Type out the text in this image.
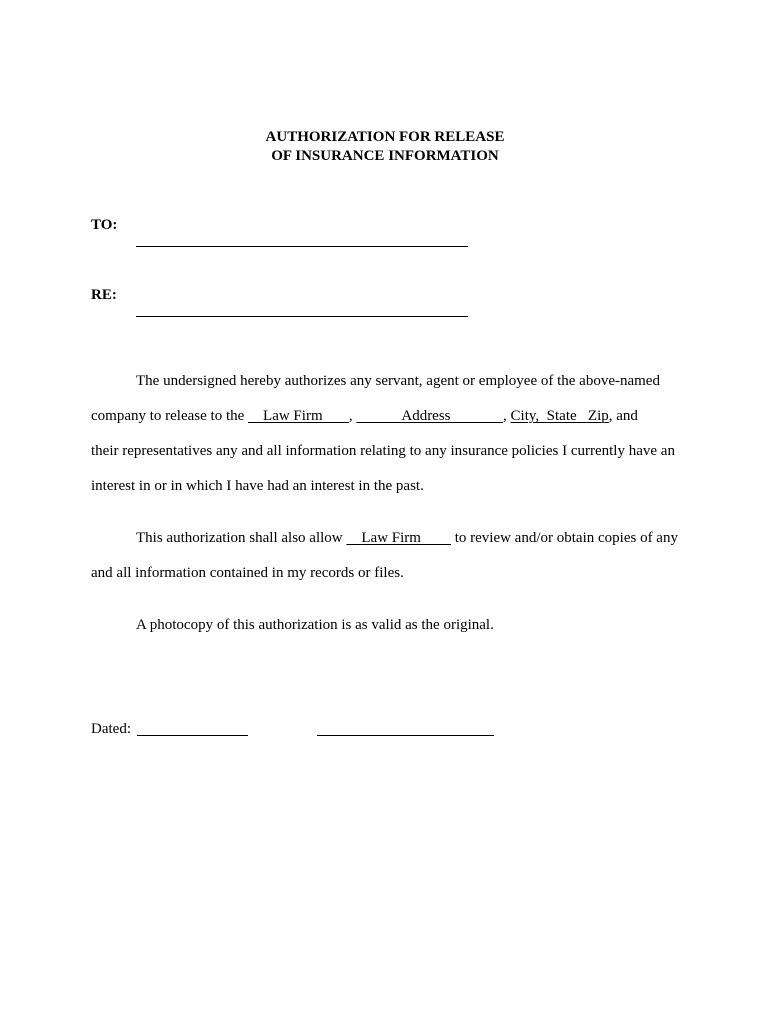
AUTHORIZATION FOR RELEASE
OF INSURANCE INFORMATION
TO:
RE:
The undersigned hereby authorizes any servant, agent or employee of the above-named
company to release to the     Law Firm ,	Address	, City, State Zip, and
their representatives any and all information relating to any insurance policies I currently have an
interest in or in which I have had an interest in the past.
This authorization shall also allow     Law Firm         to review and/or obtain copies of any
and all information contained in my records or files.
A photocopy of this authorization is as valid as the original.
Dated:
